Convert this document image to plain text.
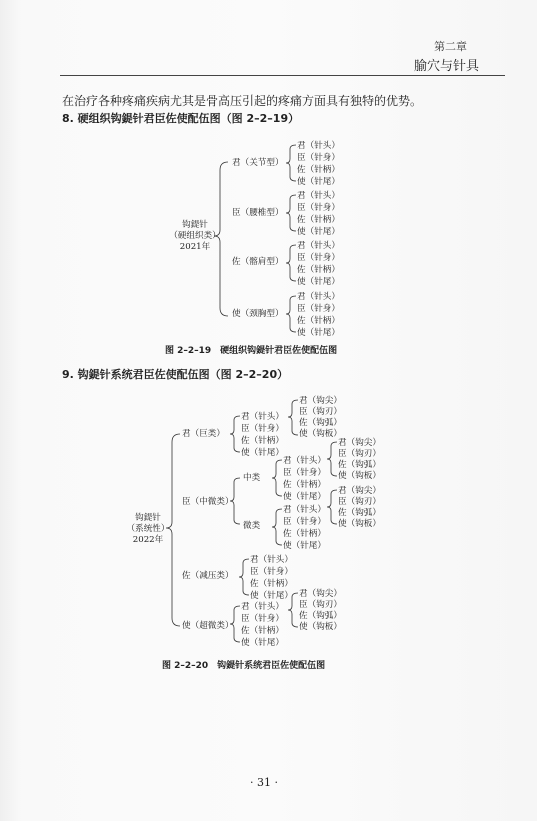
第二章
腧穴与针具
在治疗各种疼痛疾病尤其是骨高压引起的疼痛方面具有独特的优势。
8. 硬组织钩鍉针君臣佐使配伍图（图 2–2–19）
钩鍉针
（硬组织类）
2021年
君（关节型）
君（针头）
臣（针身）
佐（针柄）
使（针尾）
臣（腰椎型）
君（针头）
臣（针身）
佐（针柄）
使（针尾）
佐（髂肩型）
君（针头）
臣（针身）
佐（针柄）
使（针尾）
使（颈胸型）
君（针头）
臣（针身）
佐（针柄）
使（针尾）
图 2–2–19　硬组织钩鍉针君臣佐使配伍图
9. 钩鍉针系统君臣佐使配伍图（图 2–2–20）
钩鍉针
（系统性）
2022年
君（巨类）
君（针头）
臣（针身）
佐（针柄）
使（针尾）
君（钩尖）
臣（钩刃）
佐（钩弧）
使（钩板）
臣（中微类）
中类
君（针头）
臣（针身）
佐（针柄）
使（针尾）
君（钩尖）
臣（钩刃）
佐（钩弧）
使（钩板）
微类
君（针头）
臣（针身）
佐（针柄）
使（针尾）
君（钩尖）
臣（钩刃）
佐（钩弧）
使（钩板）
佐（减压类）
君（针头）
臣（针身）
佐（针柄）
使（针尾）
使（超微类）
君（针头）
臣（针身）
佐（针柄）
使（针尾）
君（钩尖）
臣（钩刃）
佐（钩弧）
使（钩板）
图 2–2–20　钩鍉针系统君臣佐使配伍图
· 31 ·
